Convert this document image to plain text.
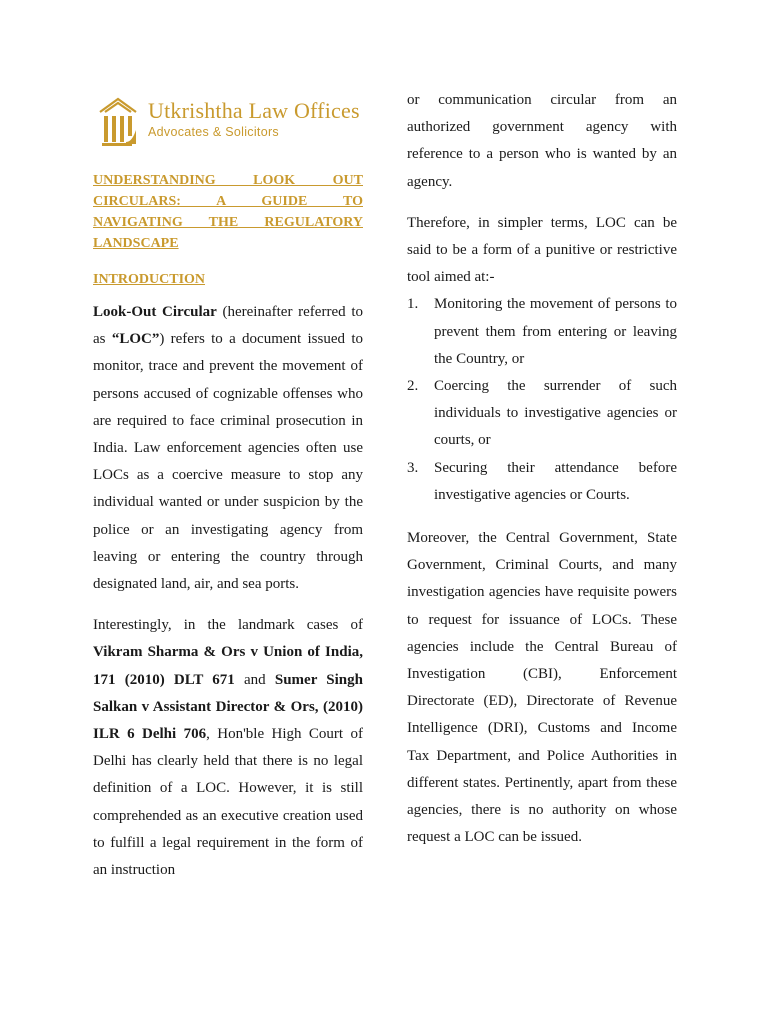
Utkrishtha Law Offices
Advocates & Solicitors
UNDERSTANDING LOOK OUT
CIRCULARS: A GUIDE TO
NAVIGATING THE REGULATORY
LANDSCAPE
INTRODUCTION

Look-Out Circular (hereinafter referred to as “LOC”) refers to a document issued to monitor, trace and prevent the movement of persons accused of cognizable offenses who are required to face criminal prosecution in India. Law enforcement agencies often use LOCs as a coercive measure to stop any individual wanted or under suspicion by the police or an investigating agency from leaving or entering the country through designated land, air, and sea ports.

Interestingly, in the landmark cases of Vikram Sharma & Ors v Union of India, 171 (2010) DLT 671 and Sumer Singh Salkan v Assistant Director & Ors, (2010) ILR 6 Delhi 706, Hon'ble High Court of Delhi has clearly held that there is no legal definition of a LOC. However, it is still comprehended as an executive creation used to fulfill a legal requirement in the form of an instruction

or communication circular from an authorized government agency with reference to a person who is wanted by an agency.

Therefore, in simpler terms, LOC can be said to be a form of a punitive or restrictive tool aimed at:-

1. Monitoring the movement of persons to prevent them from entering or leaving the Country, or
2. Coercing the surrender of such individuals to investigative agencies or courts, or
3. Securing their attendance before investigative agencies or Courts.

Moreover, the Central Government, State Government, Criminal Courts, and many investigation agencies have requisite powers to request for issuance of LOCs. These agencies include the Central Bureau of Investigation (CBI), Enforcement Directorate (ED), Directorate of Revenue Intelligence (DRI), Customs and Income Tax Department, and Police Authorities in different states. Pertinently, apart from these agencies, there is no authority on whose request a LOC can be issued.
